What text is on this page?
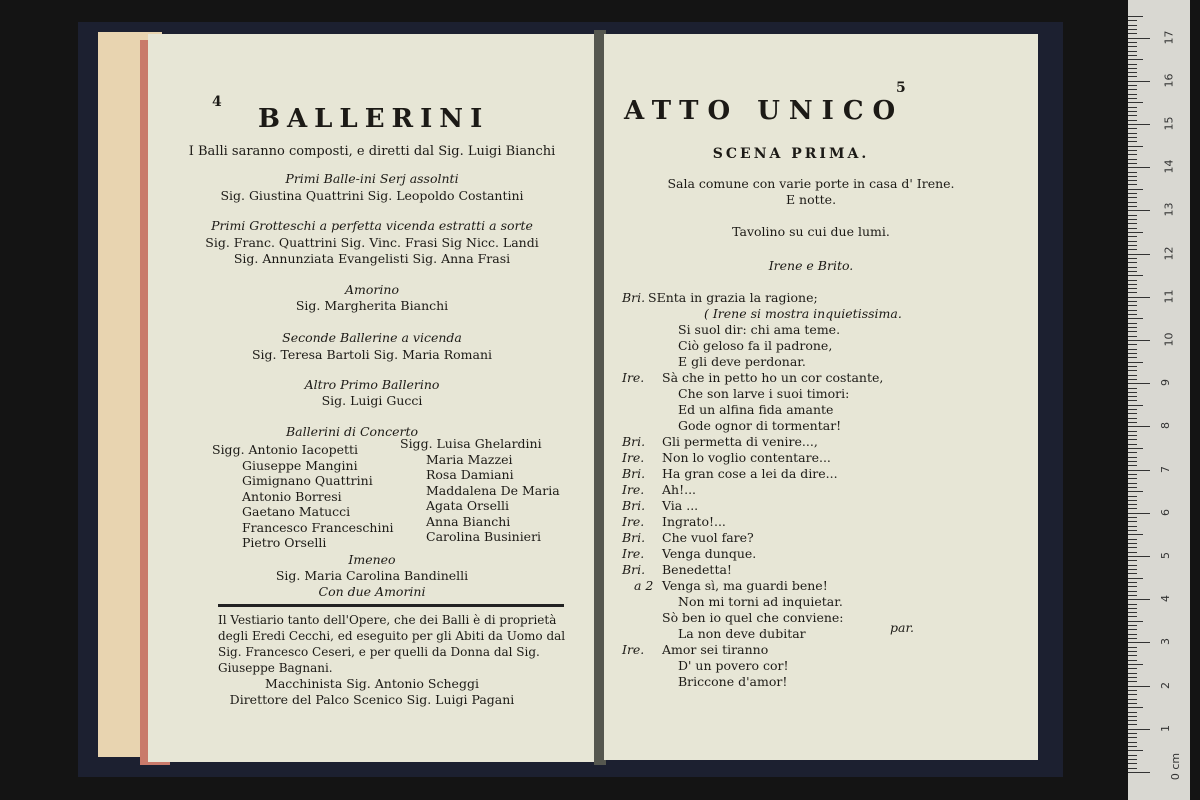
4
BALLERINI
I Balli saranno composti, e diretti dal Sig. Luigi Bianchi
Primi Balle-ini Serj assolnti
Sig. Giustina Quattrini Sig. Leopoldo Costantini
Primi Grotteschi a perfetta vicenda estratti a sorte
Sig. Franc. Quattrini Sig. Vinc. Frasi Sig Nicc. Landi
Sig. Annunziata Evangelisti Sig. Anna Frasi
Amorino
Sig. Margherita Bianchi
Seconde Ballerine a vicenda
Sig. Teresa Bartoli Sig. Maria Romani
Altro Primo Ballerino
Sig. Luigi Gucci
Ballerini di Concerto
Sigg. Antonio Iacopetti
Giuseppe Mangini
Gimignano Quattrini
Antonio Borresi
Gaetano Matucci
Francesco Franceschini
Pietro Orselli
Sigg. Luisa Ghelardini
Maria Mazzei
Rosa Damiani
Maddalena De Maria
Agata Orselli
Anna Bianchi
Carolina Businieri
Imeneo
Sig. Maria Carolina Bandinelli
Con due Amorini
Il Vestiario tanto dell'Opere, che dei Balli è di proprietà degli Eredi Cecchi, ed eseguito per gli Abiti da Uomo dal Sig. Francesco Ceseri, e per quelli da Donna dal Sig. Giuseppe Bagnani.
Macchinista Sig. Antonio Scheggi
Direttore del Palco Scenico Sig. Luigi Pagani
ATTO UNICO
5
SCENA PRIMA.
Sala comune con varie porte in casa d' Irene.
E notte.
Tavolino su cui due lumi.
Irene e Brito.
Bri. SEnta in grazia la ragione;
( Irene si mostra inquietissima.
Si suol dir: chi ama teme.
Ciò geloso fa il padrone,
E gli deve perdonar.
Ire. Sà che in petto ho un cor costante,
Che son larve i suoi timori:
Ed un alfina fida amante
Gode ognor di tormentar!
Bri. Gli permetta di venire...,
Ire. Non lo voglio contentare...
Bri. Ha gran cose a lei da dire...
Ire. Ah!...
Bri. Via ...
Ire. Ingrato!...
Bri. Che vuol fare?
Ire. Venga dunque.
Bri. Benedetta!
a 2 Venga sì, ma guardi bene!
Non mi torni ad inquietar.
Sò ben io quel che conviene:
La non deve dubitar
Ire. Amor sei tiranno
D' un povero cor!
Briccone d'amor!
par.
0 cm
1
2
3
4
5
6
7
8
9
10
11
12
13
14
15
16
17
